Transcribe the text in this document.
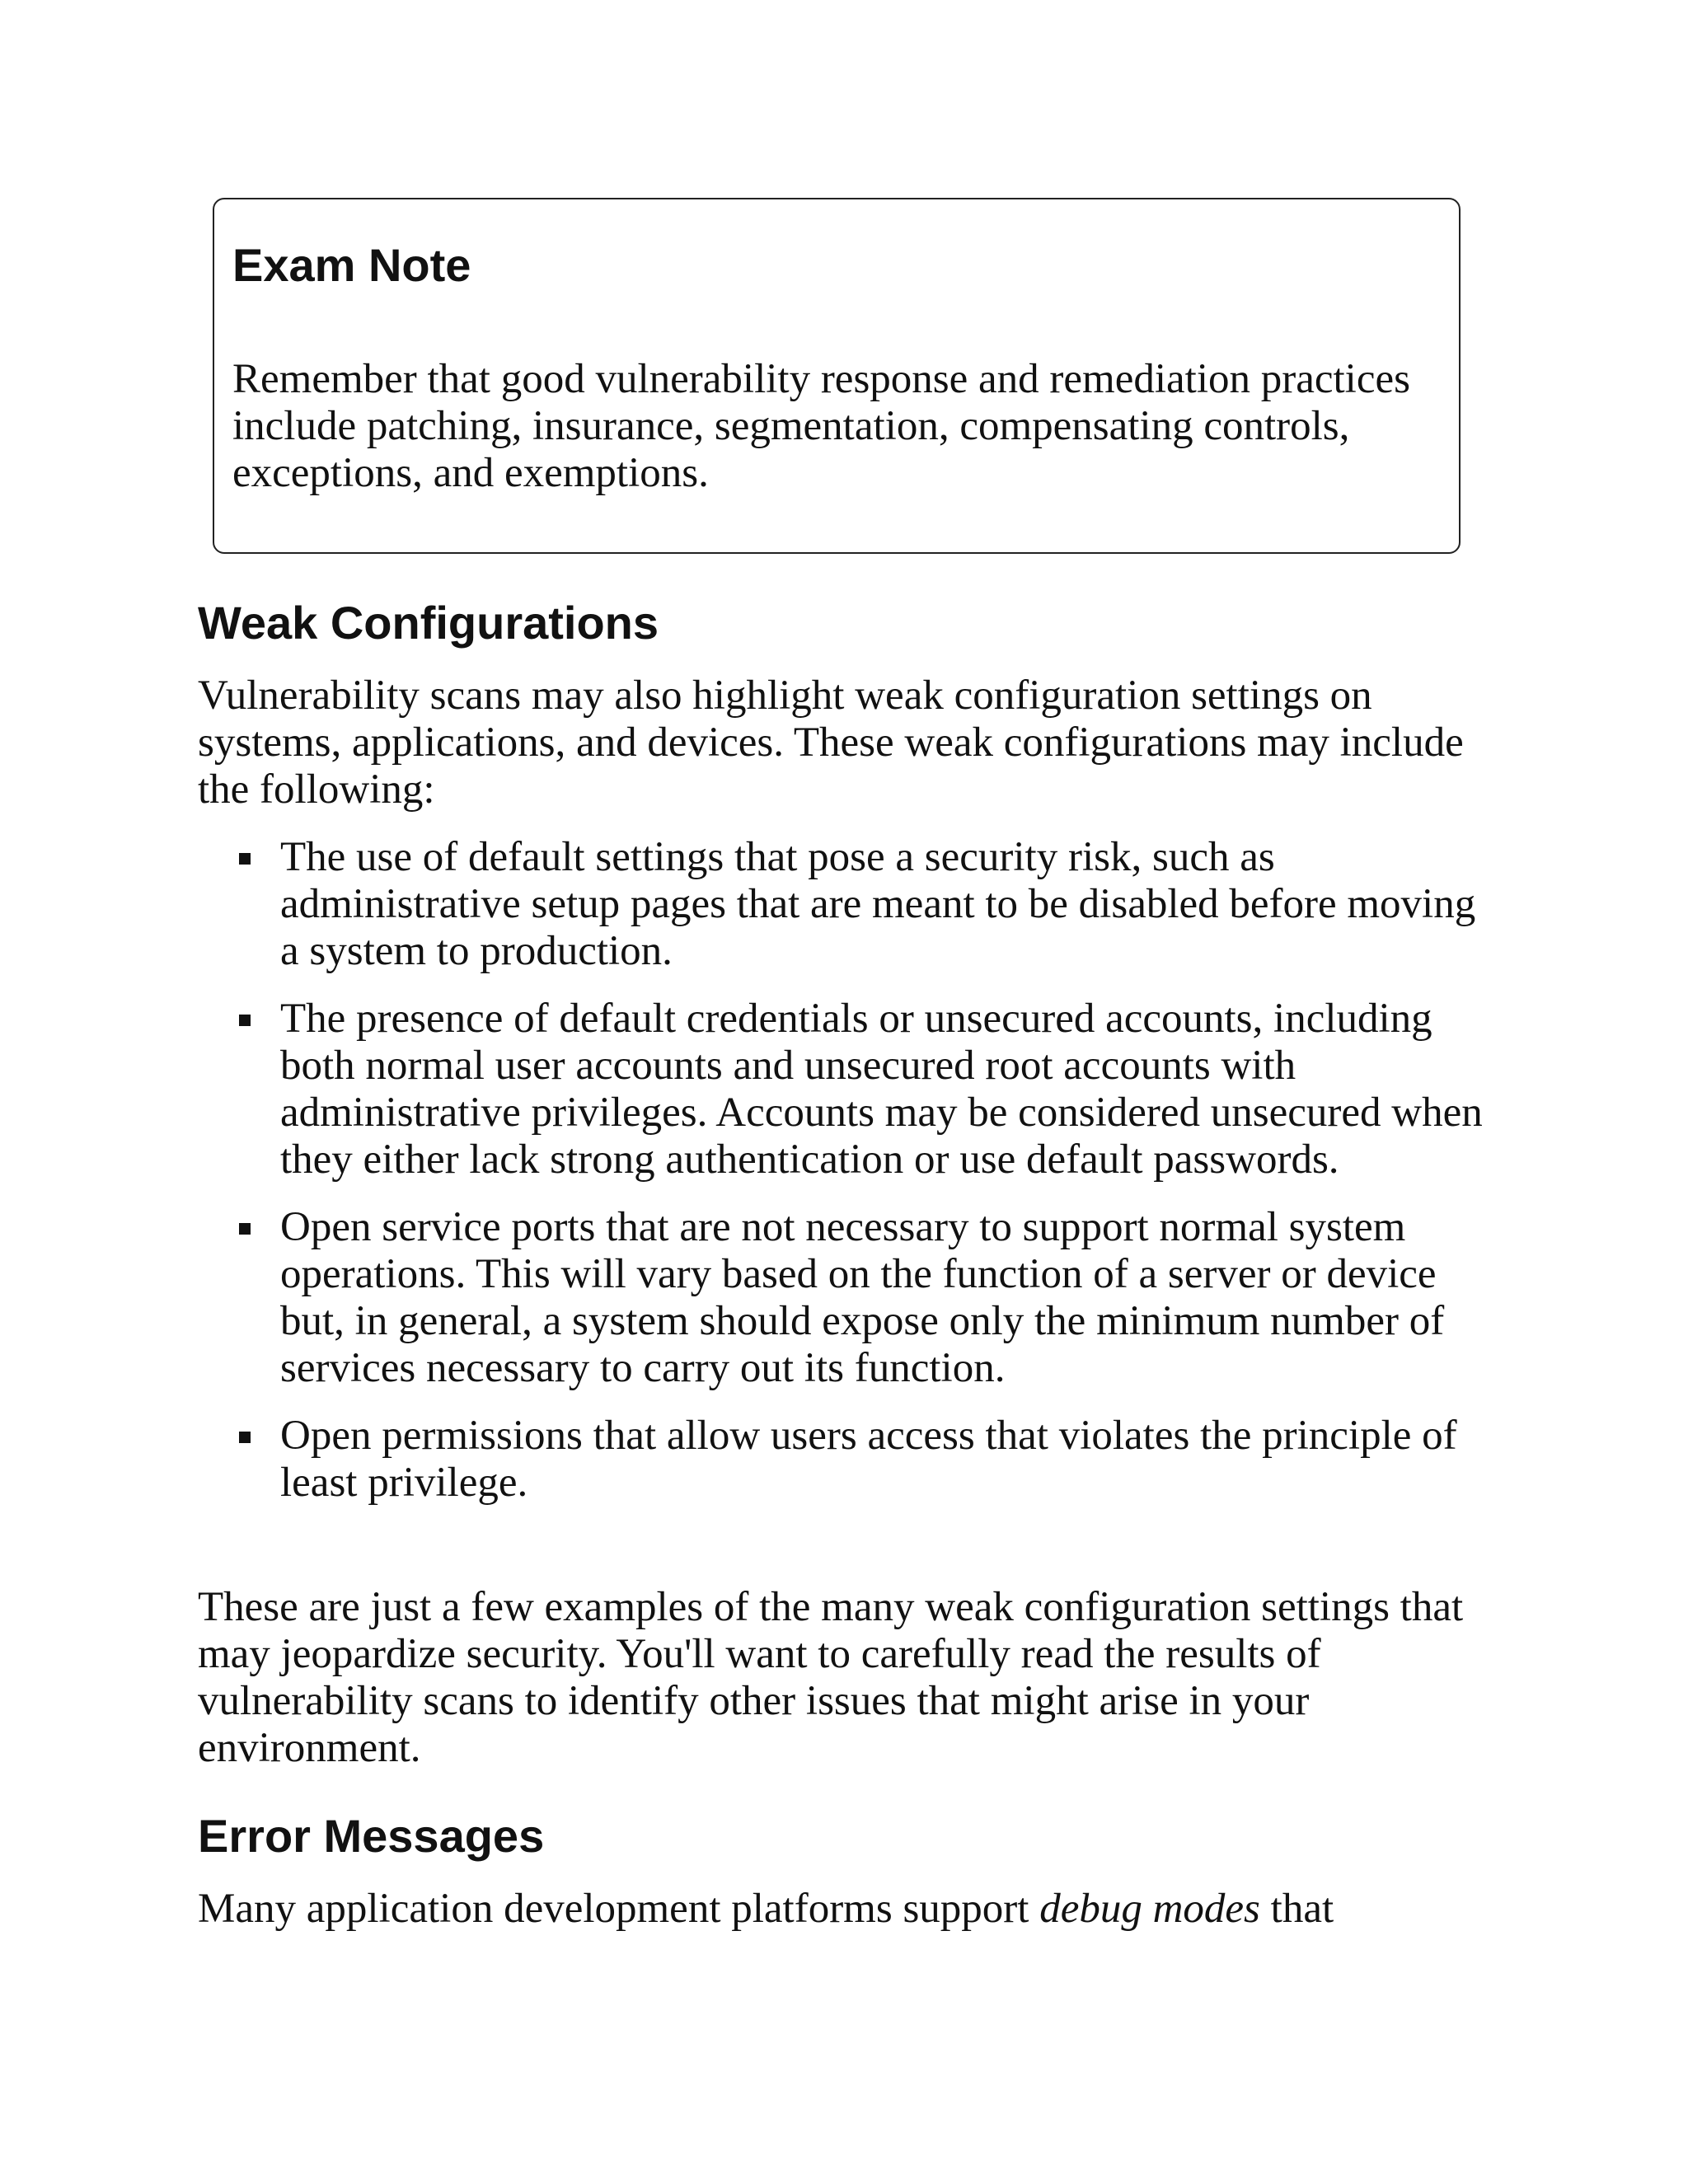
Exam Note

Remember that good vulnerability response and remediation practices include patching, insurance, segmentation, compensating controls, exceptions, and exemptions.

Weak Configurations

Vulnerability scans may also highlight weak configuration settings on systems, applications, and devices. These weak configurations may include the following:

The use of default settings that pose a security risk, such as administrative setup pages that are meant to be disabled before moving a system to production.
The presence of default credentials or unsecured accounts, including both normal user accounts and unsecured root accounts with administrative privileges. Accounts may be considered unsecured when they either lack strong authentication or use default passwords.
Open service ports that are not necessary to support normal system operations. This will vary based on the function of a server or device but, in general, a system should expose only the minimum number of services necessary to carry out its function.
Open permissions that allow users access that violates the principle of least privilege.

These are just a few examples of the many weak configuration settings that may jeopardize security. You'll want to carefully read the results of vulnerability scans to identify other issues that might arise in your environment.

Error Messages

Many application development platforms support debug modes that
